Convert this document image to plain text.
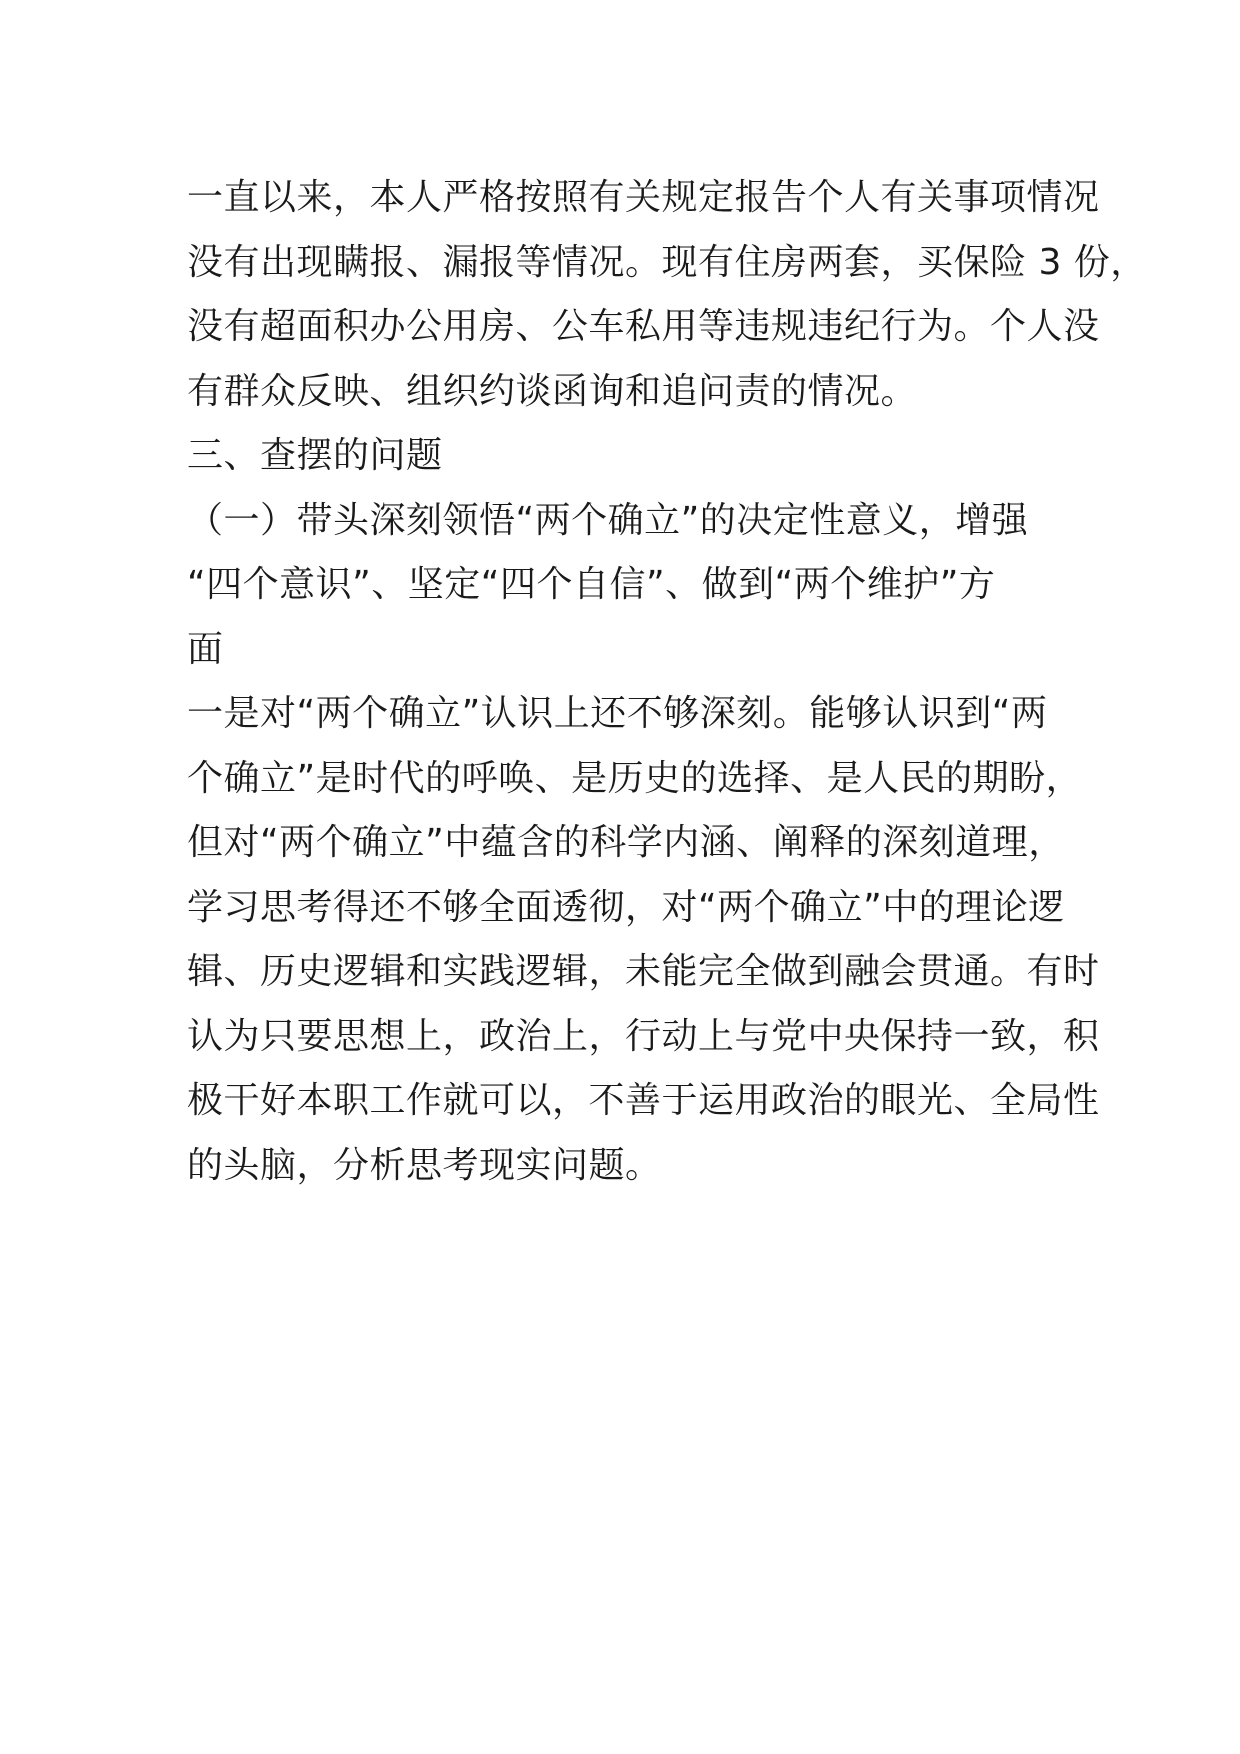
一直以来，本人严格按照有关规定报告个人有关事项情况
没有出现瞒报、漏报等情况。现有住房两套，买保险 3 份，
没有超面积办公用房、公车私用等违规违纪行为。个人没
有群众反映、组织约谈函询和追问责的情况。
三、查摆的问题
（一）带头深刻领悟“两个确立”的决定性意义，增强
“四个意识”、坚定“四个自信”、做到“两个维护”方
面
一是对“两个确立”认识上还不够深刻。能够认识到“两
个确立”是时代的呼唤、是历史的选择、是人民的期盼，
但对“两个确立”中蕴含的科学内涵、阐释的深刻道理，
学习思考得还不够全面透彻，对“两个确立”中的理论逻
辑、历史逻辑和实践逻辑，未能完全做到融会贯通。有时
认为只要思想上，政治上，行动上与党中央保持一致，积
极干好本职工作就可以，不善于运用政治的眼光、全局性
的头脑，分析思考现实问题。
